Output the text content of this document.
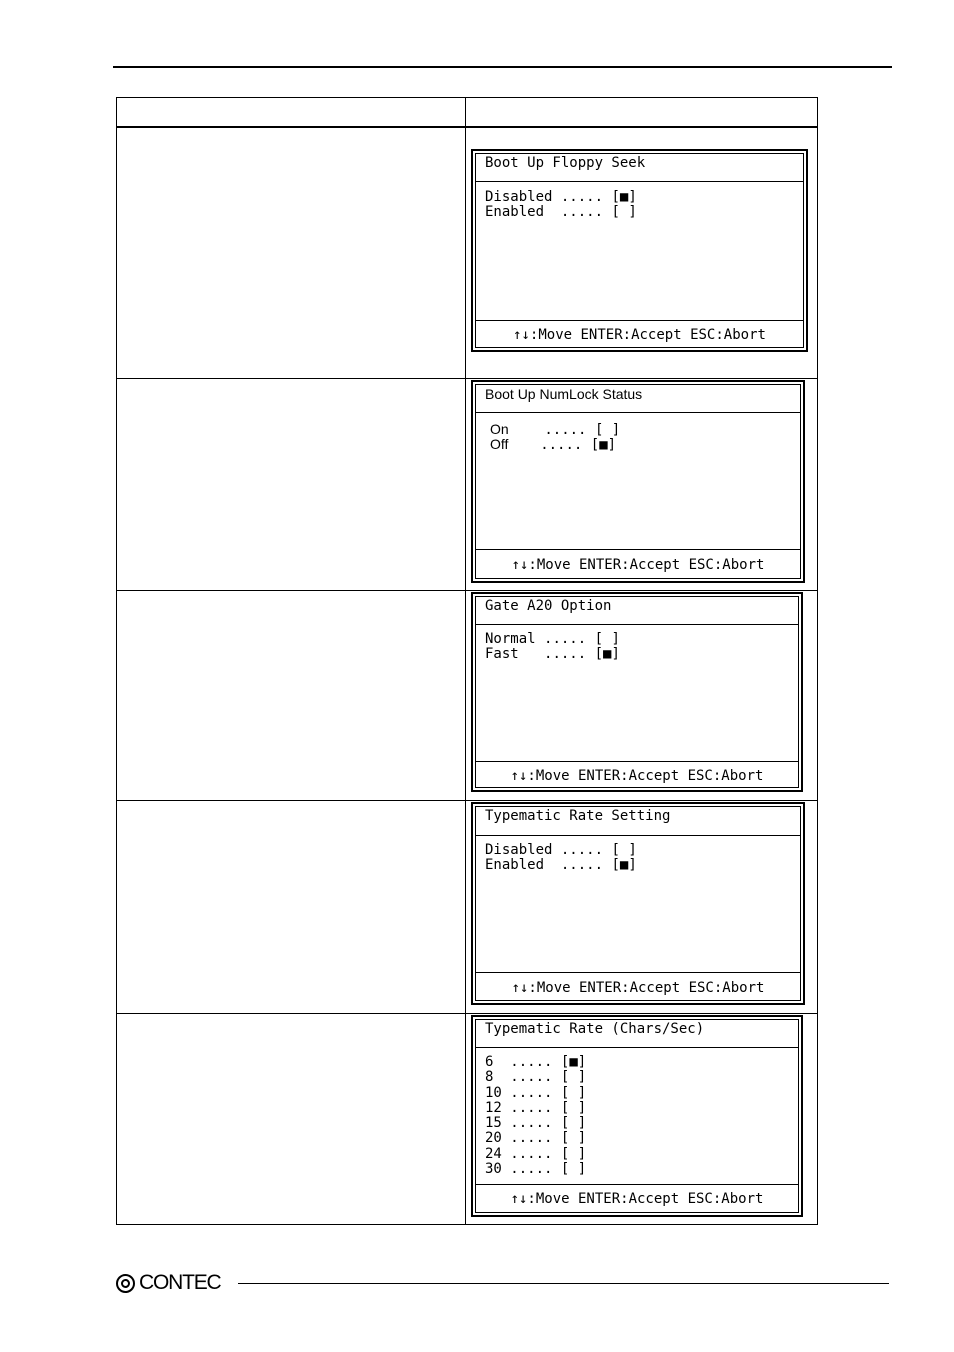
Boot Up Floppy Seek
Disabled ..... [■]
Enabled  ..... [ ]
↑↓:Move ENTER:Accept ESC:Abort
Boot Up NumLock Status
On        ..... [ ]
Off       ..... [■]
↑↓:Move ENTER:Accept ESC:Abort
Gate A20 Option
Normal ..... [ ]
Fast   ..... [■]
↑↓:Move ENTER:Accept ESC:Abort
Typematic Rate Setting
Disabled ..... [ ]
Enabled  ..... [■]
↑↓:Move ENTER:Accept ESC:Abort
Typematic Rate (Chars/Sec)
6  ..... [■]
8  ..... [ ]
10 ..... [ ]
12 ..... [ ]
15 ..... [ ]
20 ..... [ ]
24 ..... [ ]
30 ..... [ ]
↑↓:Move ENTER:Accept ESC:Abort
CONTEC
